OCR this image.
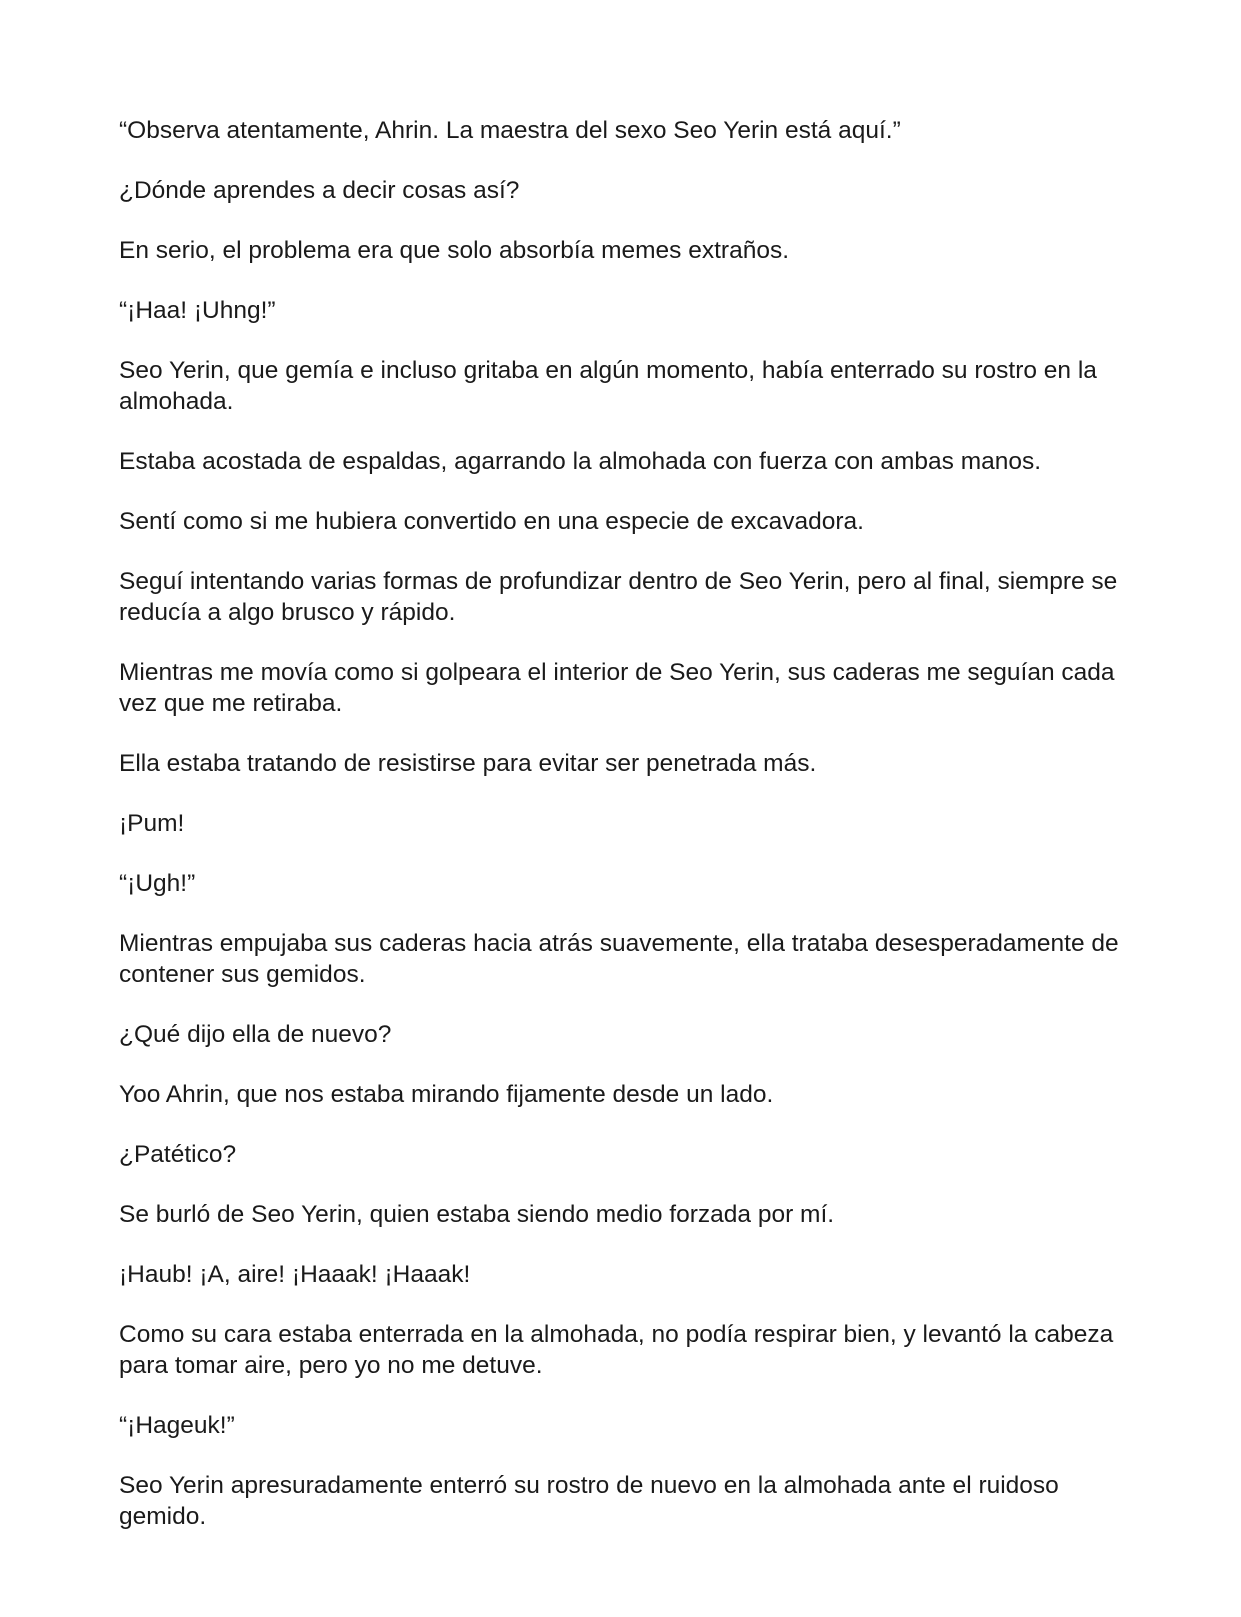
“Observa atentamente, Ahrin. La maestra del sexo Seo Yerin está aquí.”

¿Dónde aprendes a decir cosas así?

En serio, el problema era que solo absorbía memes extraños.

“¡Haa! ¡Uhng!”

Seo Yerin, que gemía e incluso gritaba en algún momento, había enterrado su rostro en la almohada.

Estaba acostada de espaldas, agarrando la almohada con fuerza con ambas manos.

Sentí como si me hubiera convertido en una especie de excavadora.

Seguí intentando varias formas de profundizar dentro de Seo Yerin, pero al final, siempre se reducía a algo brusco y rápido.

Mientras me movía como si golpeara el interior de Seo Yerin, sus caderas me seguían cada vez que me retiraba.

Ella estaba tratando de resistirse para evitar ser penetrada más.

¡Pum!

“¡Ugh!”

Mientras empujaba sus caderas hacia atrás suavemente, ella trataba desesperadamente de contener sus gemidos.

¿Qué dijo ella de nuevo?

Yoo Ahrin, que nos estaba mirando fijamente desde un lado.

¿Patético?

Se burló de Seo Yerin, quien estaba siendo medio forzada por mí.

¡Haub! ¡A, aire! ¡Haaak! ¡Haaak!

Como su cara estaba enterrada en la almohada, no podía respirar bien, y levantó la cabeza para tomar aire, pero yo no me detuve.

“¡Hageuk!”

Seo Yerin apresuradamente enterró su rostro de nuevo en la almohada ante el ruidoso gemido.
